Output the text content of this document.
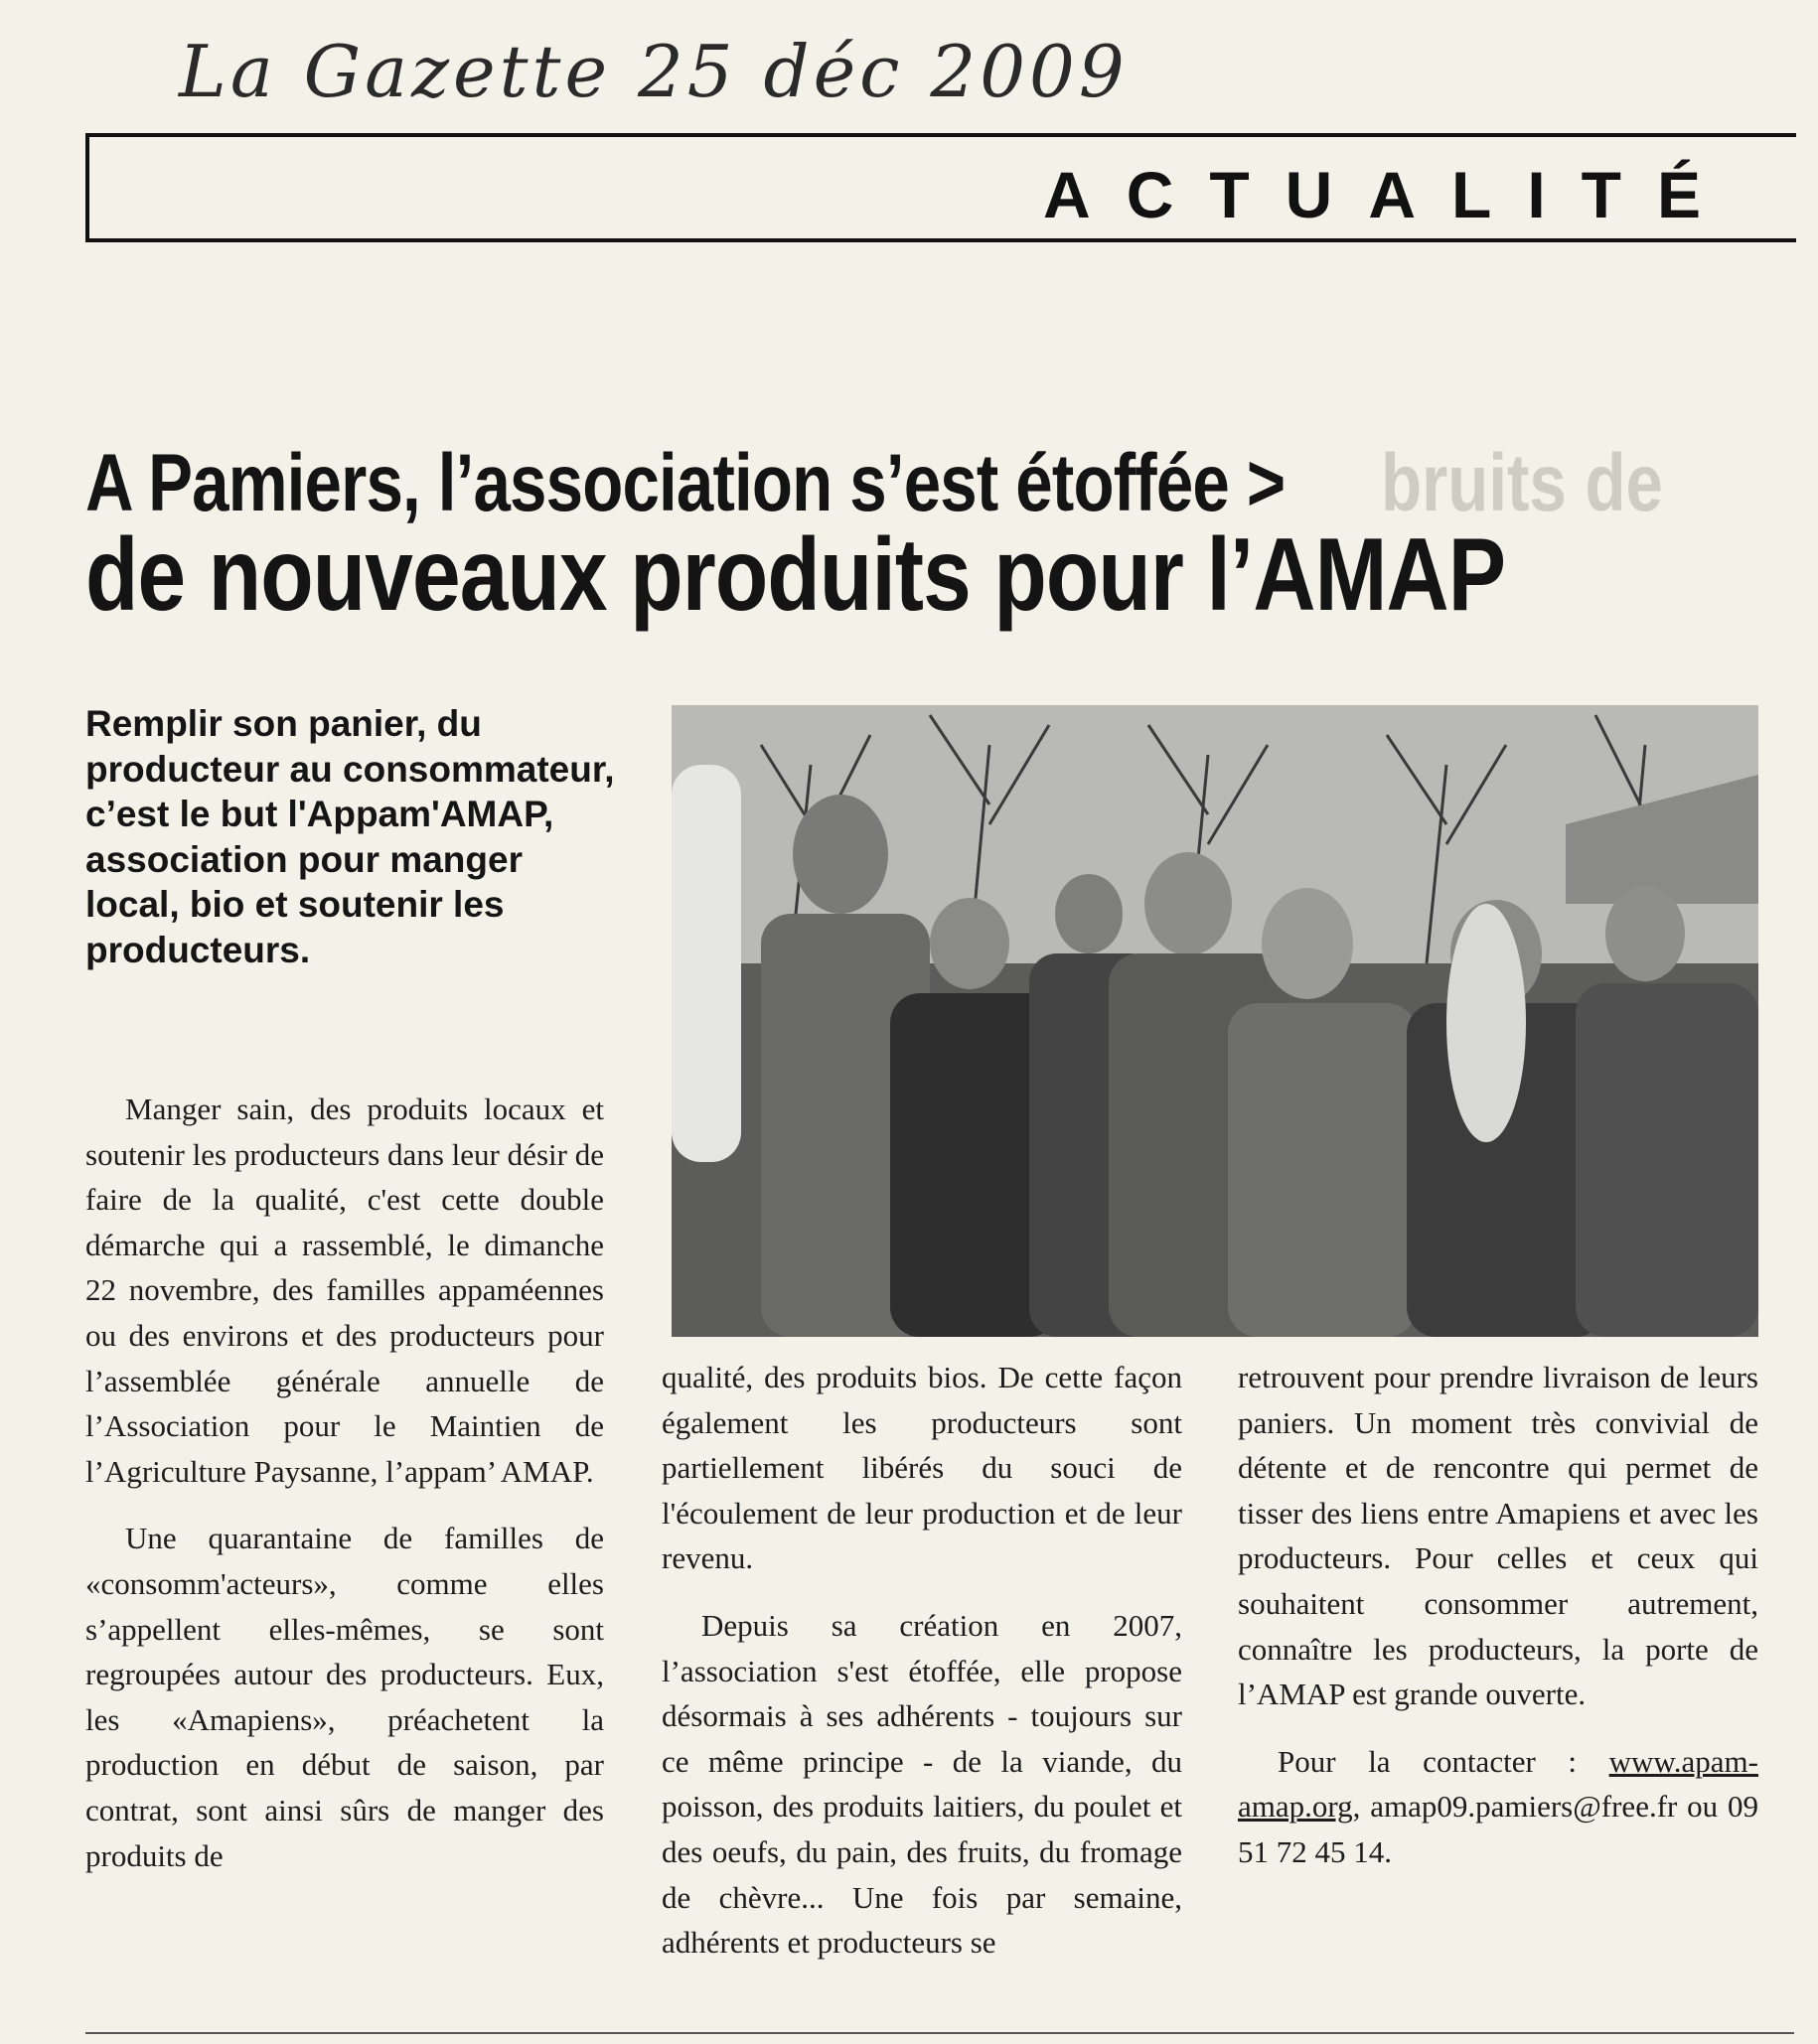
La Gazette 25 déc 2009
ACTUALITÉ
bruits de
A Pamiers, l’association s’est étoffée >
de nouveaux produits pour l’AMAP
Remplir son panier, du producteur au consommateur, c’est le but l'Appam'AMAP, association pour manger local, bio et soutenir les producteurs.

Manger sain, des produits locaux et soutenir les producteurs dans leur désir de faire de la qualité, c'est cette double démarche qui a rassemblé, le dimanche 22 novembre, des familles appaméennes ou des environs et des producteurs pour l’assemblée générale annuelle de l’Association pour le Maintien de l’Agriculture Paysanne, l’appam’ AMAP.

Une quarantaine de familles de «consomm'acteurs», comme elles s’appellent elles-mêmes, se sont regroupées autour des producteurs. Eux, les «Amapiens», préachetent la production en début de saison, par contrat, sont ainsi sûrs de manger des produits de

qualité, des produits bios. De cette façon également les producteurs sont partiellement libérés du souci de l'écoulement de leur production et de leur revenu.

Depuis sa création en 2007, l’association s'est étoffée, elle propose désormais à ses adhérents - toujours sur ce même principe - de la viande, du poisson, des produits laitiers, du poulet et des oeufs, du pain, des fruits, du fromage de chèvre... Une fois par semaine, adhérents et producteurs se

retrouvent pour prendre livraison de leurs paniers. Un moment très convivial de détente et de rencontre qui permet de tisser des liens entre Amapiens et avec les producteurs. Pour celles et ceux qui souhaitent consommer autrement, connaître les producteurs, la porte de l’AMAP est grande ouverte.

Pour la contacter : www.apam-amap.org, amap09.pamiers@free.fr ou 09 51 72 45 14.
